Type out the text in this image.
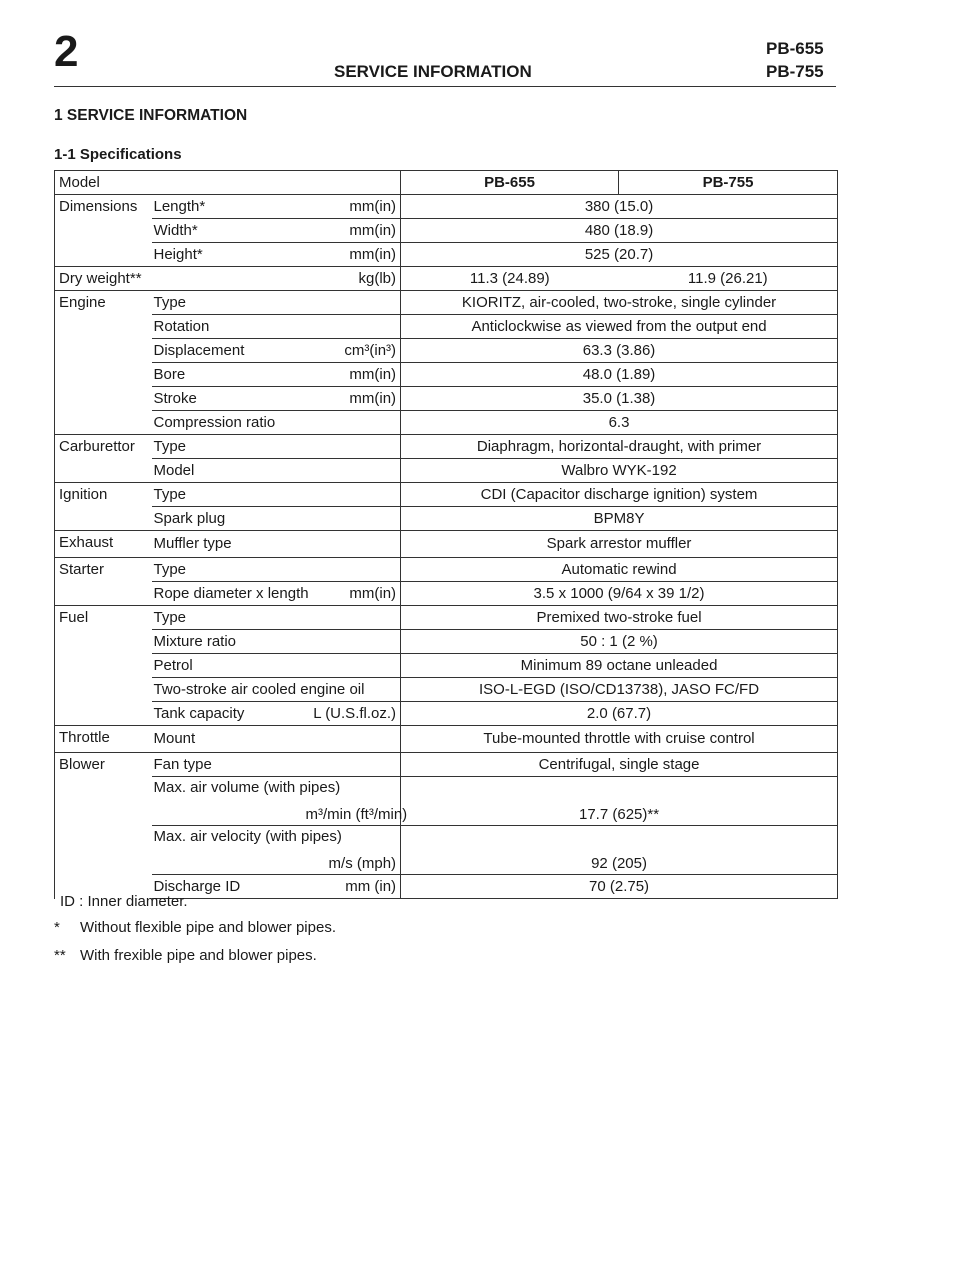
2	SERVICE INFORMATION
PB-655
PB-755
1 SERVICE INFORMATION
1-1 Specifications
Model			PB-655	PB-755
Dimensions	Length*	mm(in)	380 (15.0)	
	Width*	mm(in)	480 (18.9)	
	Height*	mm(in)	525 (20.7)	
Dry weight**		kg(lb)	11.3 (24.89)	11.9 (26.21)
Engine	Type		KIORITZ, air-cooled, two-stroke, single cylinder	
	Rotation		Anticlockwise as viewed from the output end	
	Displacement	cm³(in³)	63.3 (3.86)	
	Bore	mm(in)	48.0 (1.89)	
	Stroke	mm(in)	35.0 (1.38)	
	Compression ratio		6.3	
Carburettor	Type		Diaphragm, horizontal-draught, with primer	
	Model		Walbro WYK-192	
Ignition	Type		CDI (Capacitor discharge ignition) system	
	Spark plug		BPM8Y	
Exhaust	Muffler type		Spark arrestor muffler	
Starter	Type		Automatic rewind	
	Rope diameter x length	mm(in)	3.5 x 1000 (9/64 x 39 1/2)	
Fuel	Type		Premixed two-stroke fuel	
	Mixture ratio		50 : 1 (2 %)	
	Petrol		Minimum 89 octane unleaded	
	Two-stroke air cooled engine oil		ISO-L-EGD (ISO/CD13738), JASO FC/FD	
	Tank capacity	L (U.S.fl.oz.)	2.0 (67.7)	
Throttle	Mount		Tube-mounted throttle with cruise control	
Blower	Fan type		Centrifugal, single stage	
	Max. air volume (with pipes)	m³/min (ft³/min)	17.7 (625)**	
	Max. air velocity (with pipes)	m/s (mph)	92 (205)	
	Discharge ID	mm (in)	70 (2.75)	
ID : Inner diameter.
* Without flexible pipe and blower pipes.
** With frexible pipe and blower pipes.
